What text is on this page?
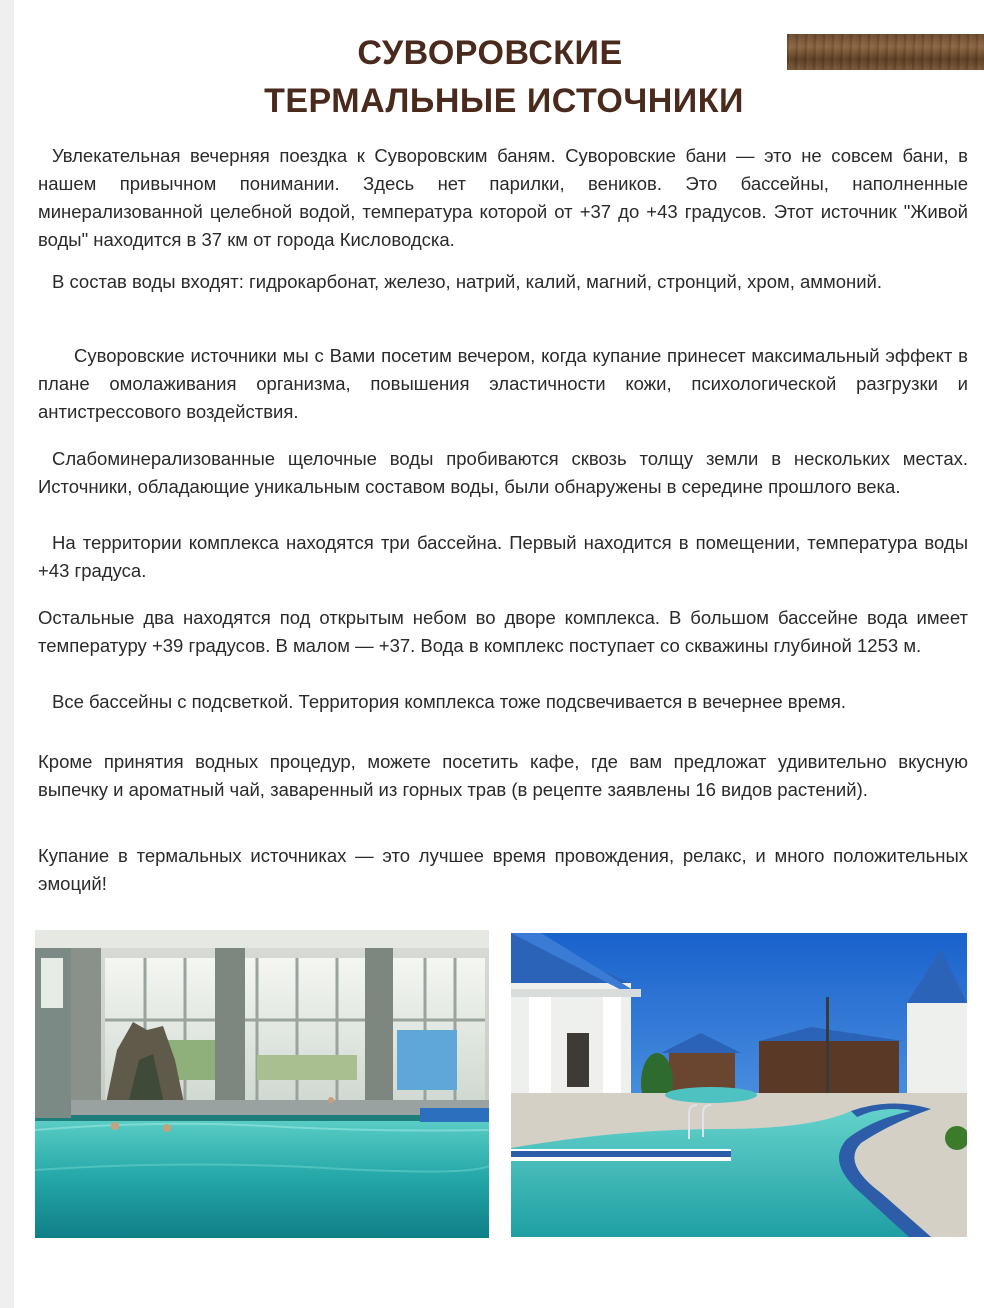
СУВОРОВСКИЕ
ТЕРМАЛЬНЫЕ ИСТОЧНИКИ

Увлекательная вечерняя поездка к Суворовским баням. Суворовские бани — это не совсем бани, в нашем привычном понимании. Здесь нет парилки, веников. Это бассейны, наполненные минерализованной целебной водой, температура которой от +37 до +43 градусов. Этот источник "Живой воды" находится в 37 км от города Кисловодска.

В состав воды входят: гидрокарбонат, железо, натрий, калий, магний, стронций, хром, аммоний.

Суворовские источники мы с Вами посетим вечером, когда купание принесет максимальный эффект в плане омолаживания организма, повышения эластичности кожи, психологической разгрузки и антистрессового воздействия.

Слабоминерализованные щелочные воды пробиваются сквозь толщу земли в нескольких местах. Источники, обладающие уникальным составом воды, были обнаружены в середине прошлого века.

На территории комплекса находятся три бассейна. Первый находится в помещении, температура воды +43 градуса.

Остальные два находятся под открытым небом во дворе комплекса. В большом бассейне вода имеет температуру +39 градусов. В малом — +37. Вода в комплекс поступает со скважины глубиной 1253 м.

Все бассейны с подсветкой. Территория комплекса тоже подсвечивается в вечернее время.

Кроме принятия водных процедур, можете посетить кафе, где вам предложат удивительно вкусную выпечку и ароматный чай, заваренный из горных трав (в рецепте заявлены 16 видов растений).

Купание в термальных источниках — это лучшее время провождения, релакс, и много положительных эмоций!
